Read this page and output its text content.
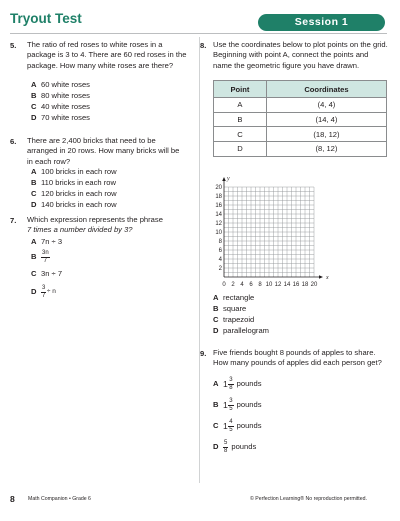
Tryout Test	Session 1
5. The ratio of red roses to white roses in a package is 3 to 4. There are 60 red roses in the package. How many white roses are there?
A 60 white roses
B 80 white roses
C 40 white roses
D 70 white roses
6. There are 2,400 bricks that need to be arranged in 20 rows. How many bricks will be in each row?
A 100 bricks in each row
B 110 bricks in each row
C 120 bricks in each row
D 140 bricks in each row
7. Which expression represents the phrase
7 times a number divided by 3?
A 7n ÷ 3
B $\frac{3n}{7}$
C 3n ÷ 7
D $\frac{3}{7} \div n$
8. Use the coordinates below to plot points on the grid. Beginning with point A, connect the points and name the geometric figure you have drawn.
Point	Coordinates
A	(4, 4)
B	(14, 4)
C	(18, 12)
D	(8, 12)
0 2 4 6 8 10 12 14 16 18 20
2
4
6
8
10
12
14
16
18
20
x
y
A rectangle
B square
C trapezoid
D parallelogram
9. Five friends bought 8 pounds of apples to share. How many pounds of apples did each person get?
A $1 \frac{3}{8}$ pounds
B $1 \frac{3}{5}$ pounds
C $1 \frac{4}{5}$ pounds
D $\frac{5}{8}$ pounds
8	Math Companion • Grade 6	© Perfection Learning® No reproduction permitted.
